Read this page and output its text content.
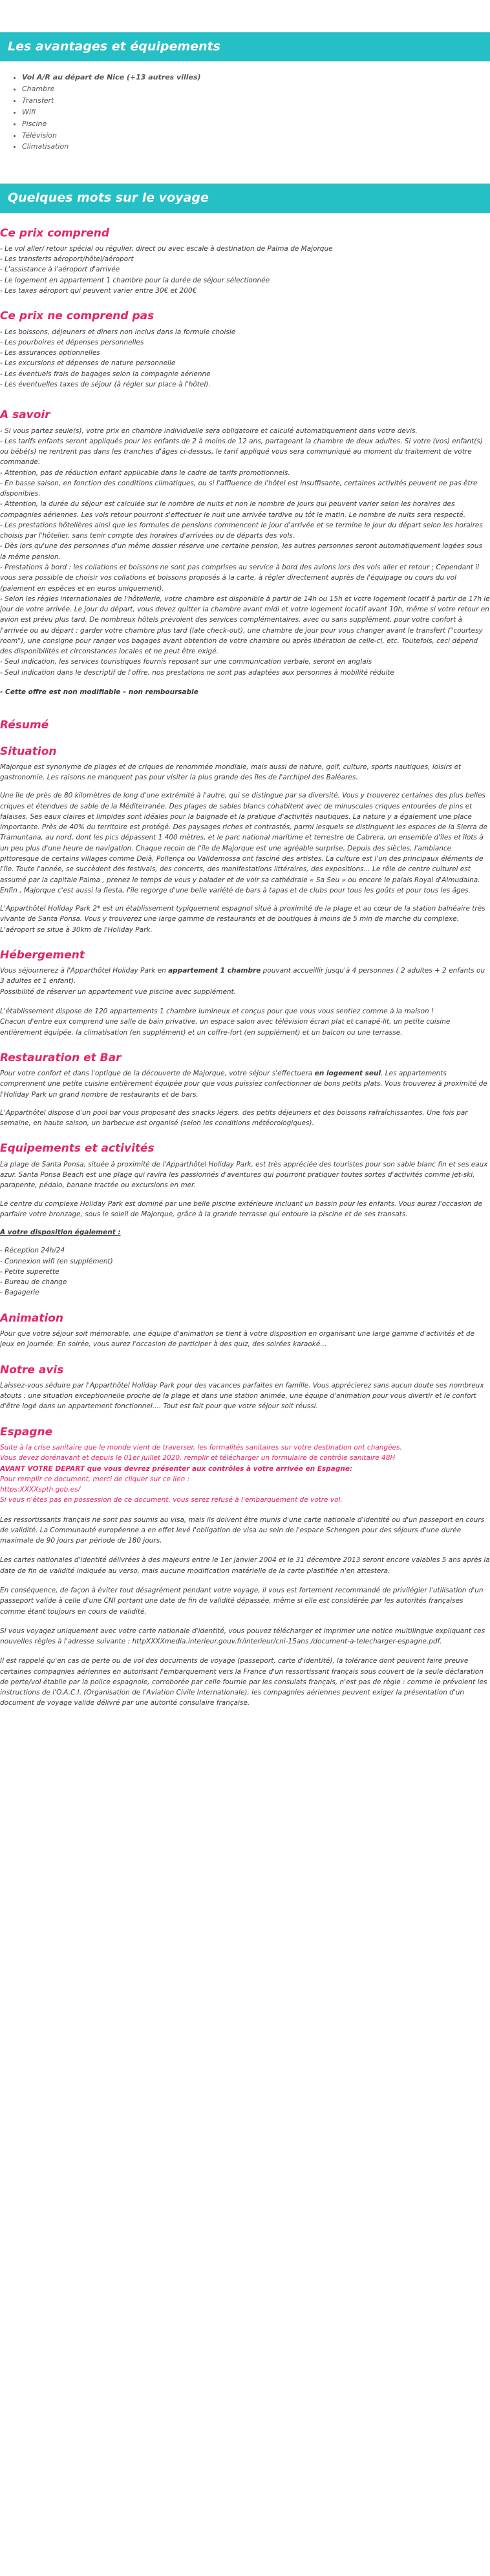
Les avantages et équipements
• Vol A/R au départ de Nice (+13 autres villes)
• Chambre
• Transfert
• Wifi
• Piscine
• Télévision
• Climatisation
Quelques mots sur le voyage
Ce prix comprend

- Le vol aller/ retour spécial ou régulier, direct ou avec escale à destination de Palma de Majorque

- Les transferts aéroport/hôtel/aéroport

- L'assistance à l'aéroport d'arrivée

- Le logement en appartement 1 chambre pour la durée de séjour sélectionnée

- Les taxes aéroport qui peuvent varier entre 30€ et 200€

Ce prix ne comprend pas

- Les boissons, déjeuners et dîners non inclus dans la formule choisie

- Les pourboires et dépenses personnelles

- Les assurances optionnelles

- Les excursions et dépenses de nature personnelle

- Les éventuels frais de bagages selon la compagnie aérienne

- Les éventuelles taxes de séjour (à régler sur place à l'hôtel).

A savoir

- Si vous partez seule(s), votre prix en chambre individuelle sera obligatoire et calculé automatiquement dans votre devis.

- Les tarifs enfants seront appliqués pour les enfants de 2 à moins de 12 ans, partageant la chambre de deux adultes. Si votre (vos) enfant(s) ou bébé(s) ne rentrent pas dans les tranches d'âges ci-dessus, le tarif appliqué vous sera communiqué au moment du traitement de votre commande.

- Attention, pas de réduction enfant applicable dans le cadre de tarifs promotionnels.

- En basse saison, en fonction des conditions climatiques, ou si l'affluence de l'hôtel est insuffisante, certaines activités peuvent ne pas être disponibles.

- Attention, la durée du séjour est calculée sur le nombre de nuits et non le nombre de jours qui peuvent varier selon les horaires des compagnies aériennes. Les vols retour pourront s'effectuer le nuit une arrivée tardive ou tôt le matin. Le nombre de nuits sera respecté.

- Les prestations hôtelières ainsi que les formules de pensions commencent le jour d'arrivée et se termine le jour du départ selon les horaires choisis par l'hôtelier, sans tenir compte des horaires d'arrivées ou de départs des vols.

- Dès lors qu'une des personnes d'un même dossier réserve une certaine pension, les autres personnes seront automatiquement logées sous la même pension.

- Prestations à bord : les collations et boissons ne sont pas comprises au service à bord des avions lors des vols aller et retour ; Cependant il vous sera possible de choisir vos collations et boissons proposés à la carte, à régler directement auprès de l'équipage ou cours du vol (paiement en espèces et en euros uniquement).

- Selon les règles internationales de l'hôtellerie, votre chambre est disponible à partir de 14h ou 15h et votre logement locatif à partir de 17h le jour de votre arrivée. Le jour du départ, vous devez quitter la chambre avant midi et votre logement locatif avant 10h, même si votre retour en avion est prévu plus tard. De nombreux hôtels prévoient des services complémentaires, avec ou sans supplément, pour votre confort à l'arrivée ou au départ : garder votre chambre plus tard (late check-out), une chambre de jour pour vous changer avant le transfert ("courtesy room"), une consigne pour ranger vos bagages avant obtention de votre chambre ou après libération de celle-ci, etc. Toutefois, ceci dépend des disponibilités et circonstances locales et ne peut être exigé.

- Seul indication, les services touristiques fournis reposant sur une communication verbale, seront en anglais

- Seul indication dans le descriptif de l'offre, nos prestations ne sont pas adaptées aux personnes à mobilité réduite

- Cette offre est non modifiable – non remboursable

Résumé
Situation

Majorque est synonyme de plages et de criques de renommée mondiale, mais aussi de nature, golf, culture, sports nautiques, loisirs et gastronomie. Les raisons ne manquent pas pour visiter la plus grande des îles de l'archipel des Baléares.

Une île de près de 80 kilomètres de long d'une extrémité à l'autre, qui se distingue par sa diversité. Vous y trouverez certaines des plus belles criques et étendues de sable de la Méditerranée. Des plages de sables blancs cohabitent avec de minuscules criques entourées de pins et falaises. Ses eaux claires et limpides sont idéales pour la baignade et la pratique d'activités nautiques. La nature y a également une place importante. Près de 40% du territoire est protégé. Des paysages riches et contrastés, parmi lesquels se distinguent les espaces de la Sierra de Tramuntana, au nord, dont les pics dépassent 1 400 mètres, et le parc national maritime et terrestre de Cabrera, un ensemble d'îles et îlots à un peu plus d'une heure de navigation. Chaque recoin de l'île de Majorque est une agréable surprise. Depuis des siècles, l'ambiance pittoresque de certains villages comme Deià, Pollença ou Valldemossa ont fasciné des artistes. La culture est l'un des principaux éléments de l'île. Toute l'année, se succèdent des festivals, des concerts, des manifestations littéraires, des expositions... Le rôle de centre culturel est assumé par la capitale Palma , prenez le temps de vous y balader et de voir sa cathédrale « Sa Seu » ou encore le palais Royal d'Almudaina. Enfin , Majorque c'est aussi la fiesta, l'île regorge d'une belle variété de bars à tapas et de clubs pour tous les goûts et pour tous les âges.

L'Apparthôtel Holiday Park 2* est un établissement typiquement espagnol situé à proximité de la plage et au cœur de la station balnéaire très vivante de Santa Ponsa. Vous y trouverez une large gamme de restaurants et de boutiques à moins de 5 min de marche du complexe. L'aéroport se situe à 30km de l'Holiday Park.

Hébergement

Vous séjournerez à l'Apparthôtel Holiday Park en appartement 1 chambre pouvant accueillir jusqu'à 4 personnes ( 2 adultes + 2 enfants ou 3 adultes et 1 enfant).

Possibilité de réserver un appartement vue piscine avec supplément.

L'établissement dispose de 120 appartements 1 chambre lumineux et conçus pour que vous vous sentiez comme à la maison !

Chacun d'entre eux comprend une salle de bain privative, un espace salon avec télévision écran plat et canapé-lit, un petite cuisine entièrement équipée, la climatisation (en supplément) et un coffre-fort (en supplément) et un balcon ou une terrasse.

Restauration et Bar

Pour votre confort et dans l'optique de la découverte de Majorque, votre séjour s'effectuera en logement seul. Les appartements comprennent une petite cuisine entièrement équipée pour que vous puissiez confectionner de bons petits plats. Vous trouverez à proximité de l'Holiday Park un grand nombre de restaurants et de bars.

L'Apparthôtel dispose d'un pool bar vous proposant des snacks légers, des petits déjeuners et des boissons rafraîchissantes. Une fois par semaine, en haute saison, un barbecue est organisé (selon les conditions météorologiques).

Equipements et activités

La plage de Santa Ponsa, située à proximité de l'Apparthôtel Holiday Park, est très appréciée des touristes pour son sable blanc fin et ses eaux azur. Santa Ponsa Beach est une plage qui ravira les passionnés d'aventures qui pourront pratiquer toutes sortes d'activités comme jet-ski, parapente, pédalo, banane tractée ou excursions en mer.

Le centre du complexe Holiday Park est dominé par une belle piscine extérieure incluant un bassin pour les enfants. Vous aurez l'occasion de parfaire votre bronzage, sous le soleil de Majorque, grâce à la grande terrasse qui entoure la piscine et de ses transats.

A votre disposition également :

- Réception 24h/24

- Connexion wifi (en supplément)

- Petite superette

- Bureau de change

- Bagagerie

Animation

Pour que votre séjour soit mémorable, une équipe d'animation se tient à votre disposition en organisant une large gamme d'activités et de jeux en journée. En soirée, vous aurez l'occasion de participer à des quiz, des soirées karaoké...

Notre avis

Laissez-vous séduire par l'Apparthôtel Holiday Park pour des vacances parfaites en famille. Vous apprécierez sans aucun doute ses nombreux atouts : une situation exceptionnelle proche de la plage et dans une station animée, une équipe d'animation pour vous divertir et le confort d'être logé dans un appartement fonctionnel.... Tout est fait pour que votre séjour soit réussi.

Espagne

Suite à la crise sanitaire que le monde vient de traverser, les formalités sanitaires sur votre destination ont changées.

Vous devez dorénavant et depuis le 01er juillet 2020, remplir et télécharger un formulaire de contrôle sanitaire 48H

AVANT VOTRE DEPART que vous devrez présenter aux contrôles à votre arrivée en Espagne:

Pour remplir ce document, merci de cliquer sur ce lien :

https:XXXXspth.gob.es/

Si vous n'êtes pas en possession de ce document, vous serez refusé à l'embarquement de votre vol.

Les ressortissants français ne sont pas soumis au visa, mais ils doivent être munis d'une carte nationale d'identité ou d'un passeport en cours de validité. La Communauté européenne a en effet levé l'obligation de visa au sein de l'espace Schengen pour des séjours d'une durée maximale de 90 jours par période de 180 jours.

Les cartes nationales d'identité délivrées à des majeurs entre le 1er janvier 2004 et le 31 décembre 2013 seront encore valables 5 ans après la date de fin de validité indiquée au verso, mais aucune modification matérielle de la carte plastifiée n'en attestera.

En conséquence, de façon à éviter tout désagrément pendant votre voyage, il vous est fortement recommandé de privilégier l'utilisation d'un passeport valide à celle d'une CNI portant une date de fin de validité dépassée, même si elle est considérée par les autorités françaises comme étant toujours en cours de validité.

Si vous voyagez uniquement avec votre carte nationale d'identité, vous pouvez télécharger et imprimer une notice multilingue expliquant ces nouvelles règles à l'adresse suivante : httpXXXXmedia.interieur.gouv.fr/interieur/cni-15ans /document-a-telecharger-espagne.pdf.

Il est rappelé qu'en cas de perte ou de vol des documents de voyage (passeport, carte d'identité), la tolérance dont peuvent faire preuve certaines compagnies aériennes en autorisant l'embarquement vers la France d'un ressortissant français sous couvert de la seule déclaration de perte/vol établie par la police espagnole, corroborée par celle fournie par les consulats français, n'est pas de règle : comme le prévoient les instructions de l'O.A.C.I. (Organisation de l'Aviation Civile Internationale), les compagnies aériennes peuvent exiger la présentation d'un document de voyage valide délivré par une autorité consulaire française.
